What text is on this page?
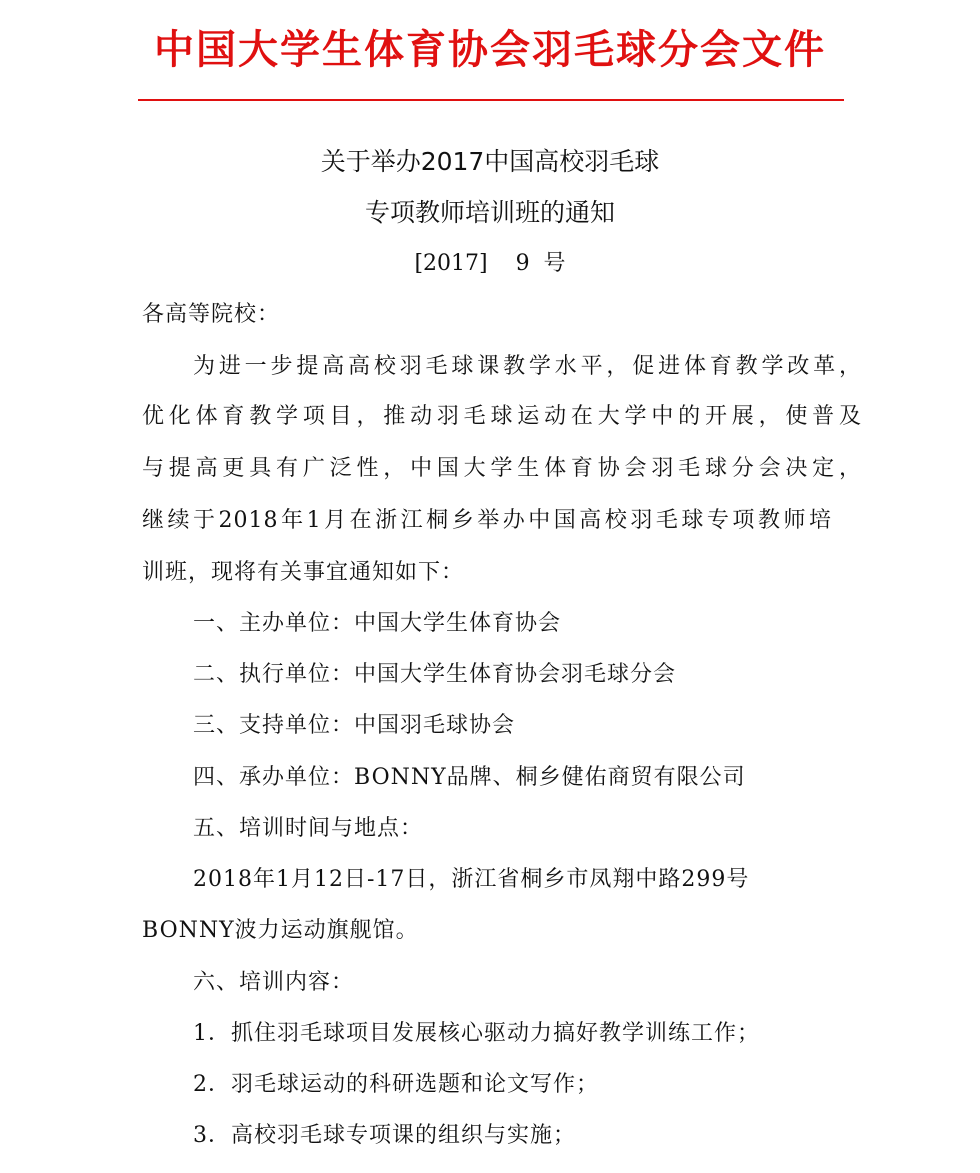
中国大学生体育协会羽毛球分会文件
关于举办2017中国高校羽毛球
专项教师培训班的通知
[2017]    9  号
各高等院校：
为进一步提高高校羽毛球课教学水平，促进体育教学改革，
优化体育教学项目，推动羽毛球运动在大学中的开展，使普及
与提高更具有广泛性，中国大学生体育协会羽毛球分会决定，
继续于2018年1月在浙江桐乡举办中国高校羽毛球专项教师培
训班，现将有关事宜通知如下：
一、主办单位：中国大学生体育协会
二、执行单位：中国大学生体育协会羽毛球分会
三、支持单位：中国羽毛球协会
四、承办单位：BONNY品牌、桐乡健佑商贸有限公司
五、培训时间与地点：
2018年1月12日-17日，浙江省桐乡市凤翔中路299号
BONNY波力运动旗舰馆。
六、培训内容：
1．抓住羽毛球项目发展核心驱动力搞好教学训练工作；
2．羽毛球运动的科研选题和论文写作；
3．高校羽毛球专项课的组织与实施；
